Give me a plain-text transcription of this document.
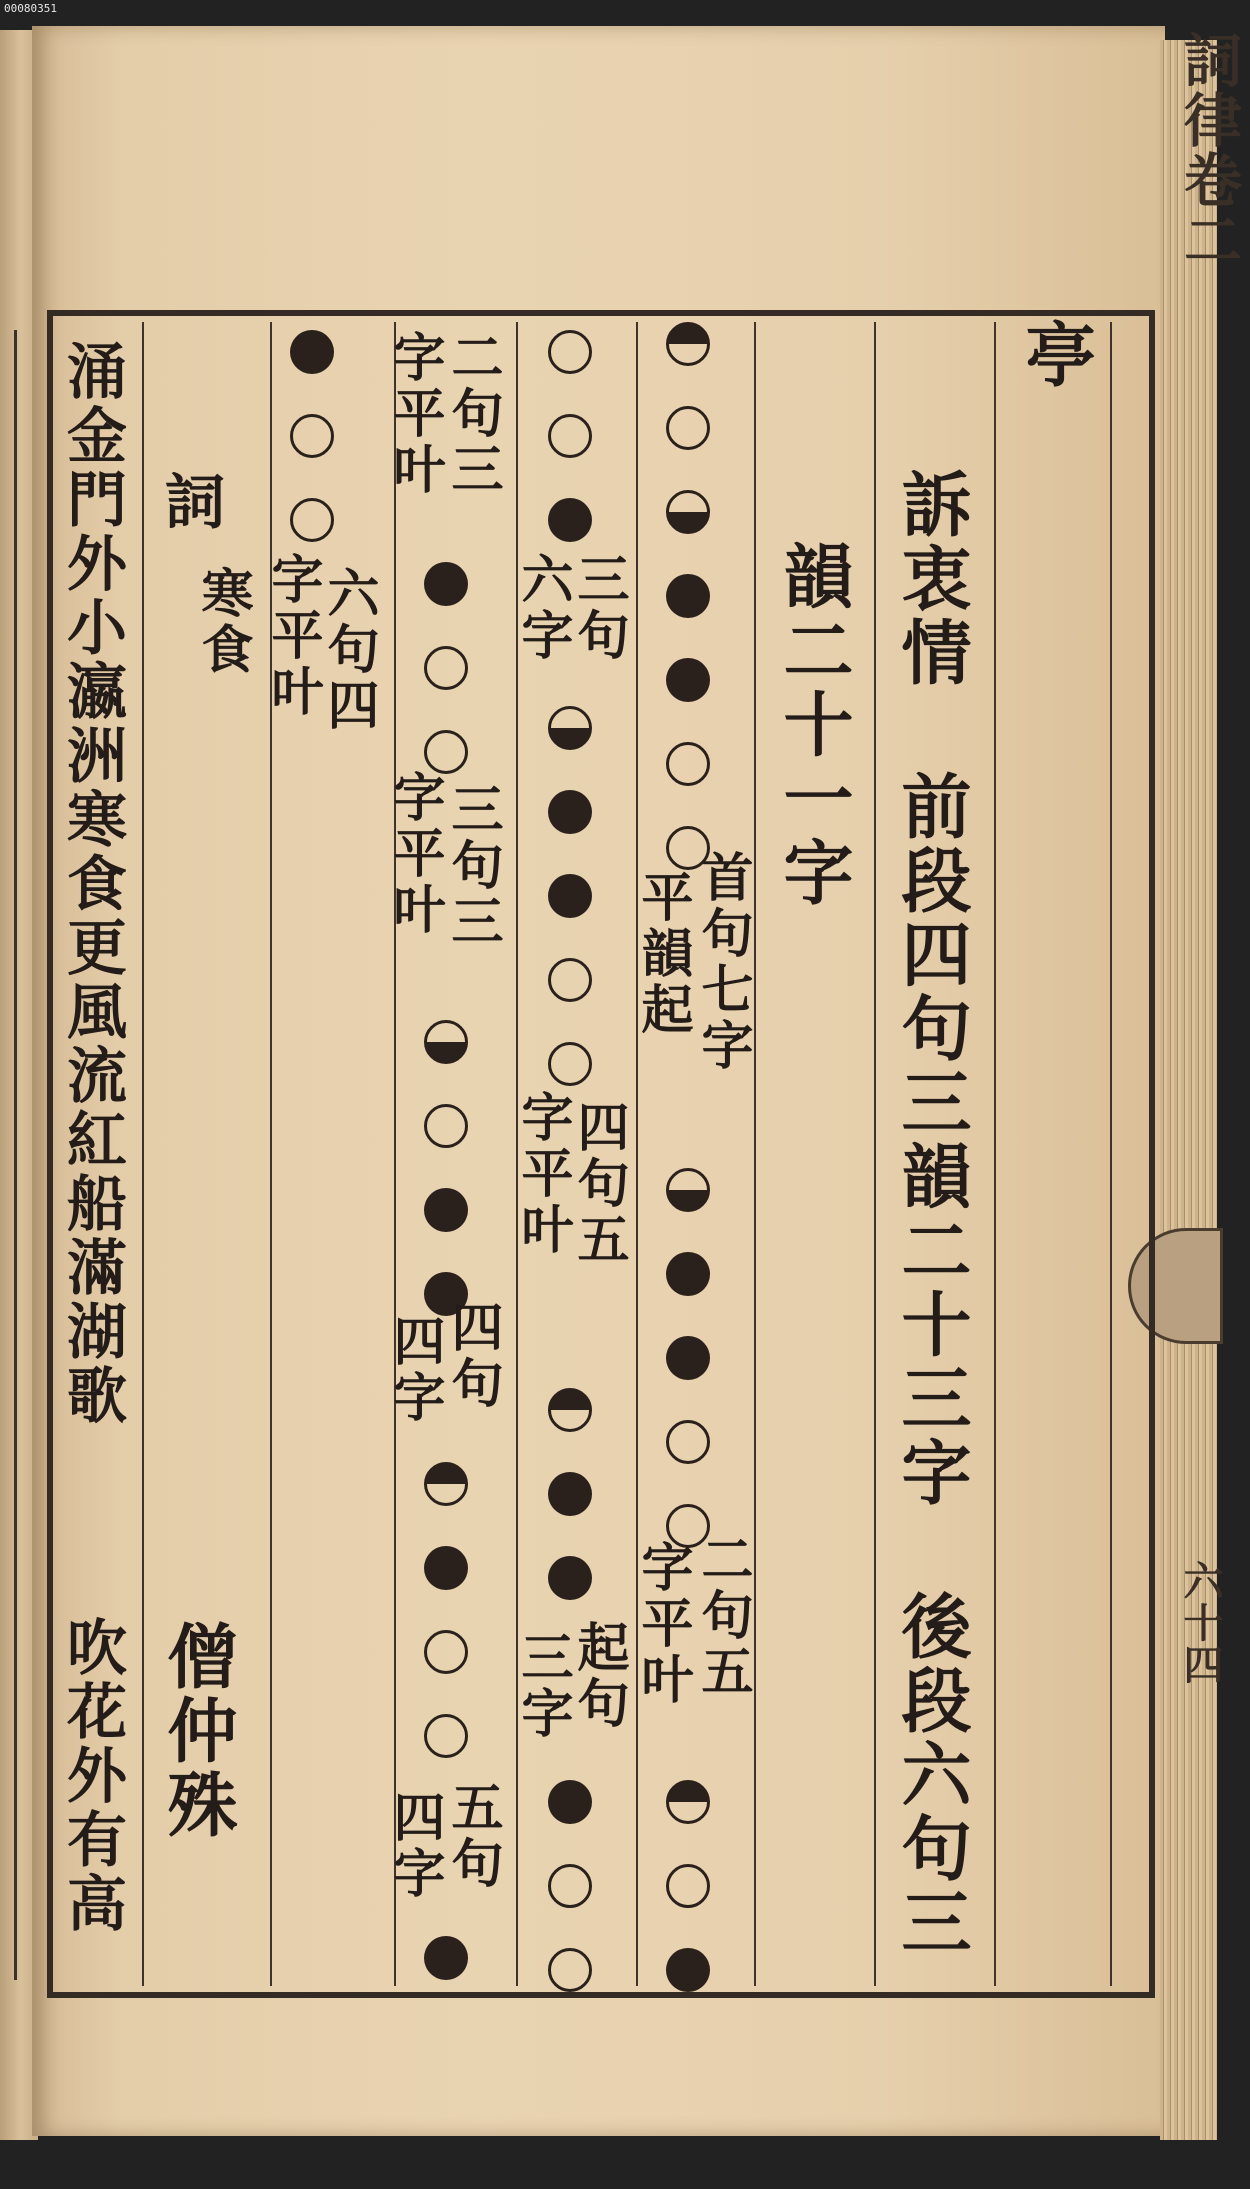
00080351
詞律卷二
六十四
亭
訴衷情
前段四句三韻二十三字
後段六句三
韻二十一字
首句七字
平韻起
二句五
字平叶
三句
六字
四句五
字平叶
起句
三字
二句三
字平叶
三句三
字平叶
四句
四字
五句
四字
六句四
字平叶
詞
寒食
僧仲殊
涌金門外小瀛洲寒食更風流紅船滿湖歌
吹花外有高
